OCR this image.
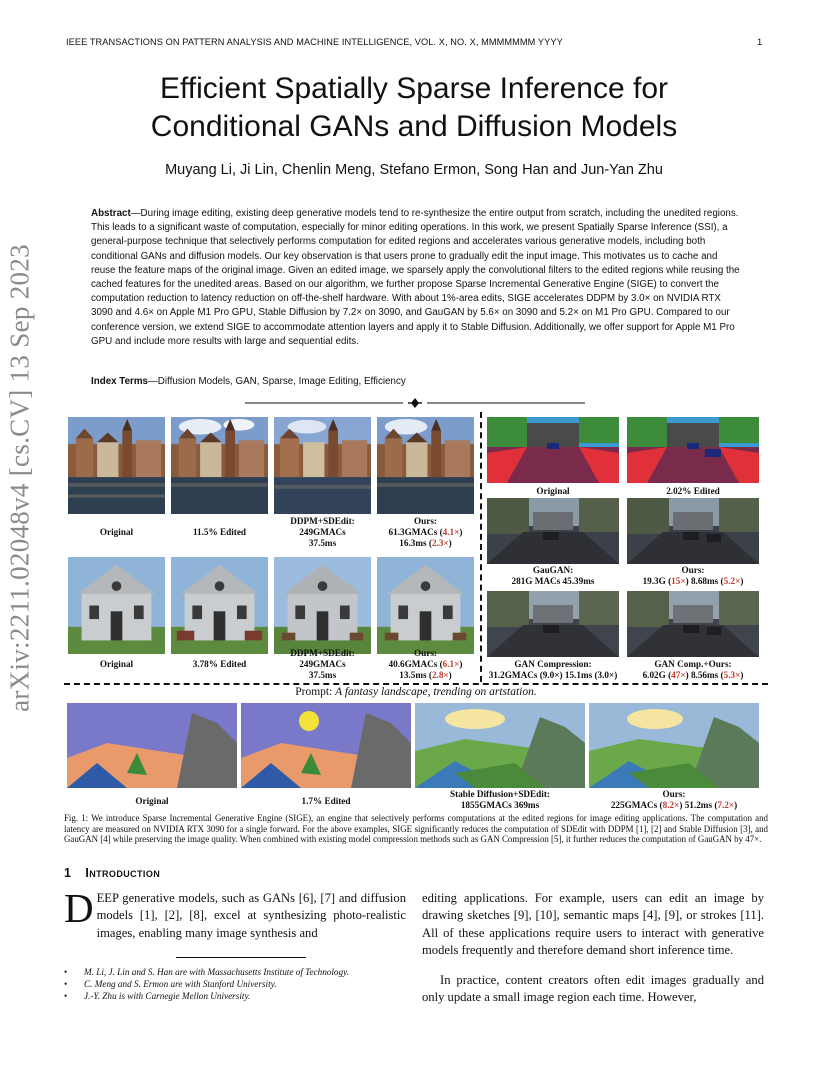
IEEE TRANSACTIONS ON PATTERN ANALYSIS AND MACHINE INTELLIGENCE, VOL. X, NO. X, MMMMMMM YYYY	1
arXiv:2211.02048v4 [cs.CV] 13 Sep 2023
Efficient Spatially Sparse Inference for
Conditional GANs and Diffusion Models
Muyang Li, Ji Lin, Chenlin Meng, Stefano Ermon, Song Han and Jun-Yan Zhu
Abstract—During image editing, existing deep generative models tend to re-synthesize the entire output from scratch, including the unedited regions. This leads to a significant waste of computation, especially for minor editing operations. In this work, we present Spatially Sparse Inference (SSI), a general-purpose technique that selectively performs computation for edited regions and accelerates various generative models, including both conditional GANs and diffusion models. Our key observation is that users prone to gradually edit the input image. This motivates us to cache and reuse the feature maps of the original image. Given an edited image, we sparsely apply the convolutional filters to the edited regions while reusing the cached features for the unedited areas. Based on our algorithm, we further propose Sparse Incremental Generative Engine (SIGE) to convert the computation reduction to latency reduction on off-the-shelf hardware. With about 1%-area edits, SIGE accelerates DDPM by 3.0× on NVIDIA RTX 3090 and 4.6× on Apple M1 Pro GPU, Stable Diffusion by 7.2× on 3090, and GauGAN by 5.6× on 3090 and 5.2× on M1 Pro GPU. Compared to our conference version, we extend SIGE to accommodate attention layers and apply it to Stable Diffusion. Additionally, we offer support for Apple M1 Pro GPU and include more results with large and sequential edits.
Index Terms—Diffusion Models, GAN, Sparse, Image Editing, Efficiency
Original	11.5% Edited
DDPM+SDEdit:
249GMACs
37.5ms
Ours:
61.3GMACs (4.1×)
16.3ms (2.3×)
Original	3.78% Edited
DDPM+SDEdit:
249GMACs
37.5ms
Ours:
40.6GMACs (6.1×)
13.5ms (2.8×)
Original	2.02% Edited
GauGAN:
281G MACs 45.39ms
Ours:
19.3G (15×) 8.68ms (5.2×)
GAN Compression:
31.2GMACs (9.0×) 15.1ms (3.0×)
GAN Comp.+Ours:
6.02G (47×) 8.56ms (5.3×)
Prompt: A fantasy landscape, trending on artstation.
Original	1.7% Edited
Stable Diffusion+SDEdit:
1855GMACs 369ms
Ours:
225GMACs (8.2×) 51.2ms (7.2×)
Fig. 1: We introduce Sparse Incremental Generative Engine (SIGE), an engine that selectively performs computations at the edited regions for image editing applications. The computation and latency are measured on NVIDIA RTX 3090 for a single forward. For the above examples, SIGE significantly reduces the computation of SDEdit with DDPM [1], [2] and Stable Diffusion [3], and GauGAN [4] while preserving the image quality. When combined with existing model compression methods such as GAN Compression [5], it further reduces the computation of GauGAN by 47×.
1 Introduction
DEEP generative models, such as GANs [6], [7] and diffusion models [1], [2], [8], excel at synthesizing photo-realistic images, enabling many image synthesis and
• M. Li, J. Lin and S. Han are with Massachusetts Institute of Technology.
• C. Meng and S. Ermon are with Stanford University.
• J.-Y. Zhu is with Carnegie Mellon University.

editing applications. For example, users can edit an image by drawing sketches [9], [10], semantic maps [4], [9], or strokes [11]. All of these applications require users to interact with generative models frequently and therefore demand short inference time.

In practice, content creators often edit images gradually and only update a small image region each time. However,
